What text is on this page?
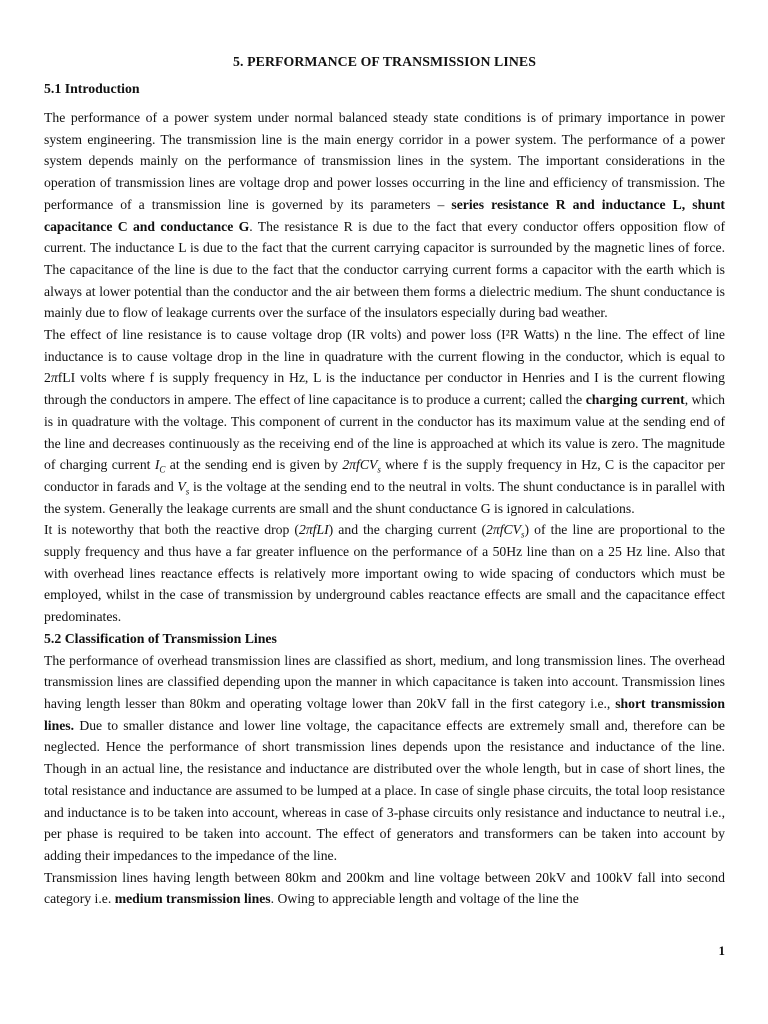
5. PERFORMANCE OF TRANSMISSION LINES
5.1 Introduction

The performance of a power system under normal balanced steady state conditions is of primary importance in power system engineering. The transmission line is the main energy corridor in a power system. The performance of a power system depends mainly on the performance of transmission lines in the system. The important considerations in the operation of transmission lines are voltage drop and power losses occurring in the line and efficiency of transmission. The performance of a transmission line is governed by its parameters – series resistance R and inductance L, shunt capacitance C and conductance G. The resistance R is due to the fact that every conductor offers opposition flow of current. The inductance L is due to the fact that the current carrying capacitor is surrounded by the magnetic lines of force. The capacitance of the line is due to the fact that the conductor carrying current forms a capacitor with the earth which is always at lower potential than the conductor and the air between them forms a dielectric medium. The shunt conductance is mainly due to flow of leakage currents over the surface of the insulators especially during bad weather.

The effect of line resistance is to cause voltage drop (IR volts) and power loss (I²R Watts) n the line. The effect of line inductance is to cause voltage drop in the line in quadrature with the current flowing in the conductor, which is equal to 2πfLI volts where f is supply frequency in Hz, L is the inductance per conductor in Henries and I is the current flowing through the conductors in ampere. The effect of line capacitance is to produce a current; called the charging current, which is in quadrature with the voltage. This component of current in the conductor has its maximum value at the sending end of the line and decreases continuously as the receiving end of the line is approached at which its value is zero. The magnitude of charging current $I_C$ at the sending end is given by 2πfCV$_s$ where f is the supply frequency in Hz, C is the capacitor per conductor in farads and $V_s$ is the voltage at the sending end to the neutral in volts. The shunt conductance is in parallel with the system. Generally the leakage currents are small and the shunt conductance G is ignored in calculations.

It is noteworthy that both the reactive drop (2πfLI) and the charging current (2πfCV$_s$) of the line are proportional to the supply frequency and thus have a far greater influence on the performance of a 50Hz line than on a 25 Hz line. Also that with overhead lines reactance effects is relatively more important owing to wide spacing of conductors which must be employed, whilst in the case of transmission by underground cables reactance effects are small and the capacitance effect predominates.

5.2 Classification of Transmission Lines

The performance of overhead transmission lines are classified as short, medium, and long transmission lines. The overhead transmission lines are classified depending upon the manner in which capacitance is taken into account. Transmission lines having length lesser than 80km and operating voltage lower than 20kV fall in the first category i.e., short transmission lines. Due to smaller distance and lower line voltage, the capacitance effects are extremely small and, therefore can be neglected. Hence the performance of short transmission lines depends upon the resistance and inductance of the line. Though in an actual line, the resistance and inductance are distributed over the whole length, but in case of short lines, the total resistance and inductance are assumed to be lumped at a place. In case of single phase circuits, the total loop resistance and inductance is to be taken into account, whereas in case of 3-phase circuits only resistance and inductance to neutral i.e., per phase is required to be taken into account. The effect of generators and transformers can be taken into account by adding their impedances to the impedance of the line.

Transmission lines having length between 80km and 200km and line voltage between 20kV and 100kV fall into second category i.e. medium transmission lines. Owing to appreciable length and voltage of the line the

1
